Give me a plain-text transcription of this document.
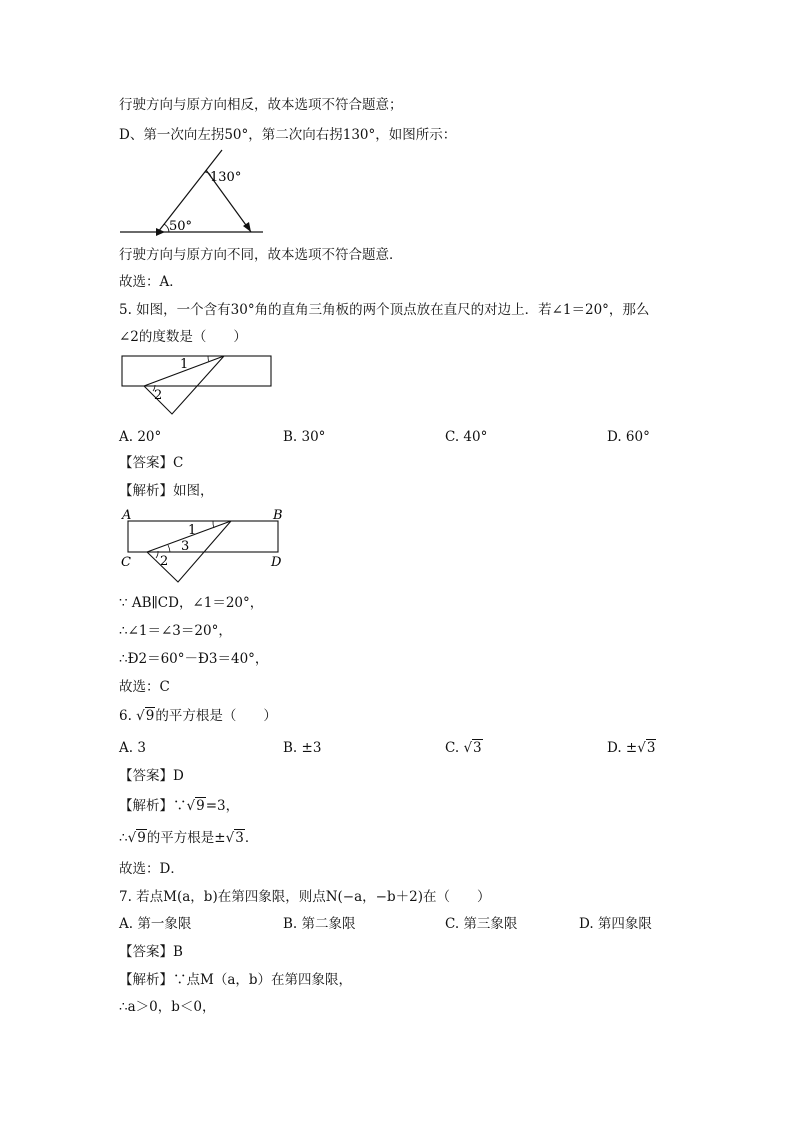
行驶方向与原方向相反，故本选项不符合题意；
D、第一次向左拐50°，第二次向右拐130°，如图所示：
130°
50°
行驶方向与原方向不同，故本选项不符合题意．
故选：A．
5. 如图，一个含有30°角的直角三角板的两个顶点放在直尺的对边上．若∠1＝20°，那么
∠2的度数是（　　）
1
2
A. 20°	B. 30°	C. 40°	D. 60°
【答案】C
【解析】如图，
A	B
C	D
1
3
2
∵ AB∥CD，∠1＝20°，
∴∠1＝∠3＝20°，
∴Ð2＝60°－Ð3＝40°，
故选：C
6. √9的平方根是（　　）
A. 3	B. ±3	C. √3	D. ±√3
【答案】D
【解析】∵√9=3，
∴√9的平方根是±√3．
故选：D．
7. 若点M(a，b)在第四象限，则点N(−a，−b＋2)在（　　）
A. 第一象限	B. 第二象限	C. 第三象限	D. 第四象限
【答案】B
【解析】∵点M（a，b）在第四象限，
∴a＞0，b＜0，
